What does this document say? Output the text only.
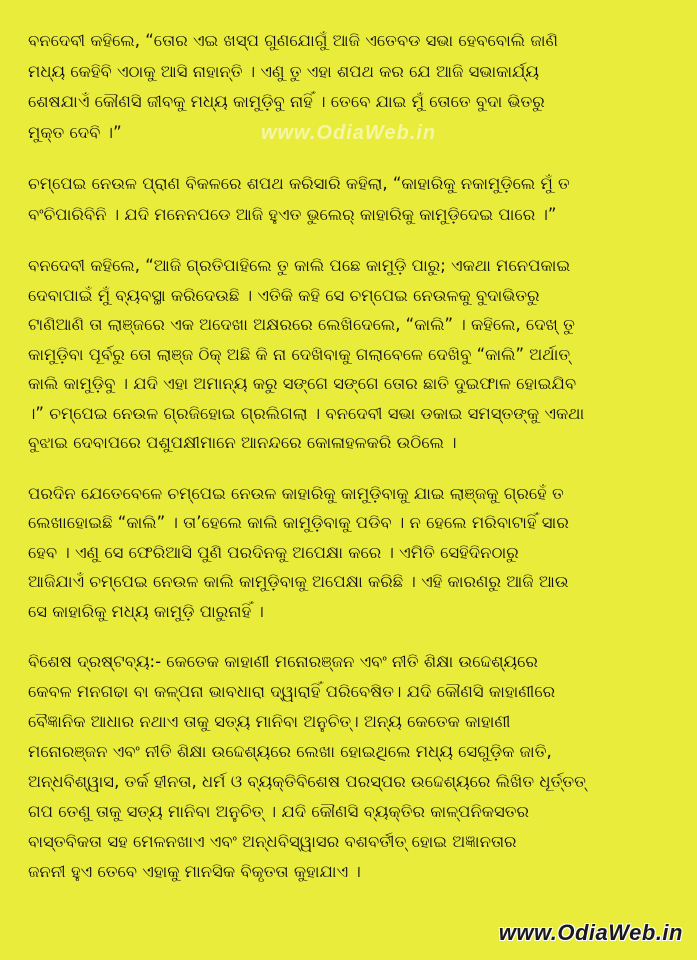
www.OdiaWeb.in
ବନଦେବୀ କହିଲେ, “ତୋର ଏଇ ଖସ୍ପ ଗୁଣଯୋଗୁଁ ଆଜି ଏତେବଡ ସଭା ହେବବୋଲି ଜାଣି
ମଧ୍ୟ କେହିବି ଏଠାକୁ ଆସି ନାହାନ୍ତି । ଏଣୁ ତୁ ଏହା ଶପଥ କର ଯେ ଆଜି ସଭାକାର୍ଯ୍ୟ
ଶେଷଯାଏଁ କୌଣସି ଜୀବକୁ ମଧ୍ୟ କାମୁଡ଼ିବୁ ନାହିଁ । ତେବେ ଯାଇ ମୁଁ ତୋତେ ବୁଦା ଭିତରୁ
ମୁକ୍ତ ଦେବି ।”
ଚମ୍ପେଇ ନେଉଳ ପ୍ରାଣ ବିକଳରେ ଶପଥ କରିସାରି କହିଲା, “କାହାରିକୁ ନକାମୁଡ଼ିଲେ ମୁଁ ତ
ବଂଚିପାରିବିନି । ଯଦି ମନେନପଡେ ଆଜି ହୁଏତ ଭୁଲେର୍ କାହାରିକୁ କାମୁଡ଼ିଦେଇ ପାରେ ।”
ବନଦେବୀ କହିଲେ, “ଆଜି ଗ୍ରତିପାହିଲେ ତୁ କାଲି ପଛେ କାମୁଡ଼ି ପାରୁ; ଏକଥା ମନେପକାଇ
ଦେବାପାଇଁ ମୁଁ ବ୍ୟବସ୍ଥା କରିଦେଉଛି । ଏତିକି କହି ସେ ଚମ୍ପେଇ ନେଉଳକୁ ବୁଦାଭିତରୁ
ଟାଣିଆଣି ତା ଲାଞ୍ଜରେ ଏକ ଅଦେଖା ଅକ୍ଷରରେ ଲେଖିଦେଲେ, “କାଲି” । କହିଲେ, ଦେଖ୍ ତୁ
କାମୁଡ଼ିବା ପୂର୍ବରୁ ତୋ ଲାଞ୍ଜ ଠିକ୍ ଅଛି କି ନା ଦେଖିବାକୁ ଗଲାବେଳେ ଦେଖିବୁ “କାଲି” ଅର୍ଥାତ୍
କାଲି କାମୁଡ଼ିବୁ । ଯଦି ଏହା ଅମାନ୍ୟ କରୁ ସଙ୍ଗେ ସଙ୍ଗେ ତୋର ଛାତି ଦୁଇଫାଳ ହୋଇଯିବ
।” ଚମ୍ପେଇ ନେଉଳ ଗ୍ରଜିହୋଇ ଗ୍ରଲିଗଲା । ବନଦେବୀ ସଭା ଡକାଇ ସମସ୍ତଙ୍କୁ ଏକଥା
ବୁଝାଇ ଦେବାପରେ ପଶୁପକ୍ଷୀମାନେ ଆନନ୍ଦରେ କୋଳାହଳକରି ଉଠିଲେ ।
ପରଦିନ ଯେତେବେଳେ ଚମ୍ପେଇ ନେଉଳ କାହାରିକୁ କାମୁଡ଼ିବାକୁ ଯାଇ ଲାଞ୍ଜକୁ ଗ୍ରହେଁ ତ
ଲେଖାହୋଇଛି “କାଲି” । ତା’ହେଲେ କାଲି କାମୁଡ଼ିବାକୁ ପଡିବ । ନ ହେଲେ ମରିବାଟାହିଁ ସାର
ହେବ । ଏଣୁ ସେ ଫେରିଆସି ପୁଣି ପରଦିନକୁ ଅପେକ୍ଷା କରେ । ଏମିତି ସେହିଦିନଠାରୁ
ଆଜିଯାଏଁ ଚମ୍ପେଇ ନେଉଳ କାଲି କାମୁଡ଼ିବାକୁ ଅପେକ୍ଷା କରିଛି । ଏହି କାରଣରୁ ଆଜି ଆଉ
ସେ କାହାରିକୁ ମଧ୍ୟ କାମୁଡ଼ି ପାରୁନାହିଁ ।
ବିଶେଷ ଦ୍ରଷ୍ଟବ୍ୟ:- କେତେକ କାହାଣୀ ମନୋରଞ୍ଜନ ଏବଂ ନୀତି ଶିକ୍ଷା ଉଦ୍ଦେଶ୍ୟରେ
କେବଳ ମନଗଢା ବା କଳ୍ପନା ଭାବଧାରା ଦ୍ୱାରାହିଁ ପରିବେଷିତ। ଯଦି କୌଣସି କାହାଣୀରେ
ବୈଜ୍ଞାନିକ ଆଧାର ନଥାଏ ତାକୁ ସତ୍ୟ ମାନିବା ଅନୁଚିତ୍। ଅନ୍ୟ କେତେକ କାହାଣୀ
ମନୋରଞ୍ଜନ ଏବଂ ନୀତି ଶିକ୍ଷା ଉଦ୍ଦେଶ୍ୟରେ ଲେଖା ହୋଇଥିଲେ ମଧ୍ୟ ସେଗୁଡ଼ିକ ଜାତି,
ଅନ୍ଧବିଶ୍ୱାସ, ତର୍କ ହୀନତା, ଧର୍ମ ଓ ବ୍ୟକ୍ତିବିଶେଷ ପରସ୍ପର ଉଦ୍ଦେଶ୍ୟରେ ଲିଖିତ ଧୂର୍ତ୍ତତ୍
ଗପ ତେଣୁ ତାକୁ ସତ୍ୟ ମାନିବା ଅନୁଚିତ୍ । ଯଦି କୌଣସି ବ୍ୟକ୍ତିର କାଳ୍ପନିକସତର
ବାସ୍ତବିକତା ସହ ମେଳନଖାଏ ଏବଂ ଅନ୍ଧବିସ୍ୱାସର ବଶବର୍ତୀତ୍ ହୋଇ ଅଜ୍ଞାନତାର
ଜନନୀ ହୁଏ ତେବେ ଏହାକୁ ମାନସିକ ବିକୃତତା କୁହାଯାଏ ।
www.OdiaWeb.in
